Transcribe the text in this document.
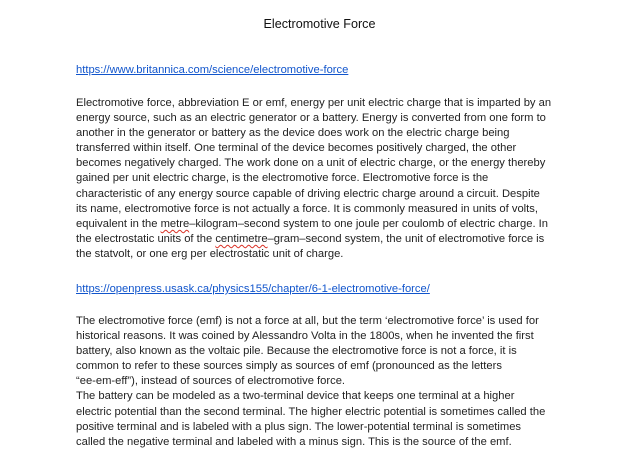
Electromotive Force
https://www.britannica.com/science/electromotive-force
Electromotive force, abbreviation E or emf, energy per unit electric charge that is imparted by an
energy source, such as an electric generator or a battery. Energy is converted from one form to
another in the generator or battery as the device does work on the electric charge being
transferred within itself. One terminal of the device becomes positively charged, the other
becomes negatively charged. The work done on a unit of electric charge, or the energy thereby
gained per unit electric charge, is the electromotive force. Electromotive force is the
characteristic of any energy source capable of driving electric charge around a circuit. Despite
its name, electromotive force is not actually a force. It is commonly measured in units of volts,
equivalent in the metre–kilogram–second system to one joule per coulomb of electric charge. In
the electrostatic units of the centimetre–gram–second system, the unit of electromotive force is
the statvolt, or one erg per electrostatic unit of charge.
https://openpress.usask.ca/physics155/chapter/6-1-electromotive-force/
The electromotive force (emf) is not a force at all, but the term ‘electromotive force’ is used for
historical reasons. It was coined by Alessandro Volta in the 1800s, when he invented the first
battery, also known as the voltaic pile. Because the electromotive force is not a force, it is
common to refer to these sources simply as sources of emf (pronounced as the letters
“ee-em-eff”), instead of sources of electromotive force.
The battery can be modeled as a two-terminal device that keeps one terminal at a higher
electric potential than the second terminal. The higher electric potential is sometimes called the
positive terminal and is labeled with a plus sign. The lower-potential terminal is sometimes
called the negative terminal and labeled with a minus sign. This is the source of the emf.
